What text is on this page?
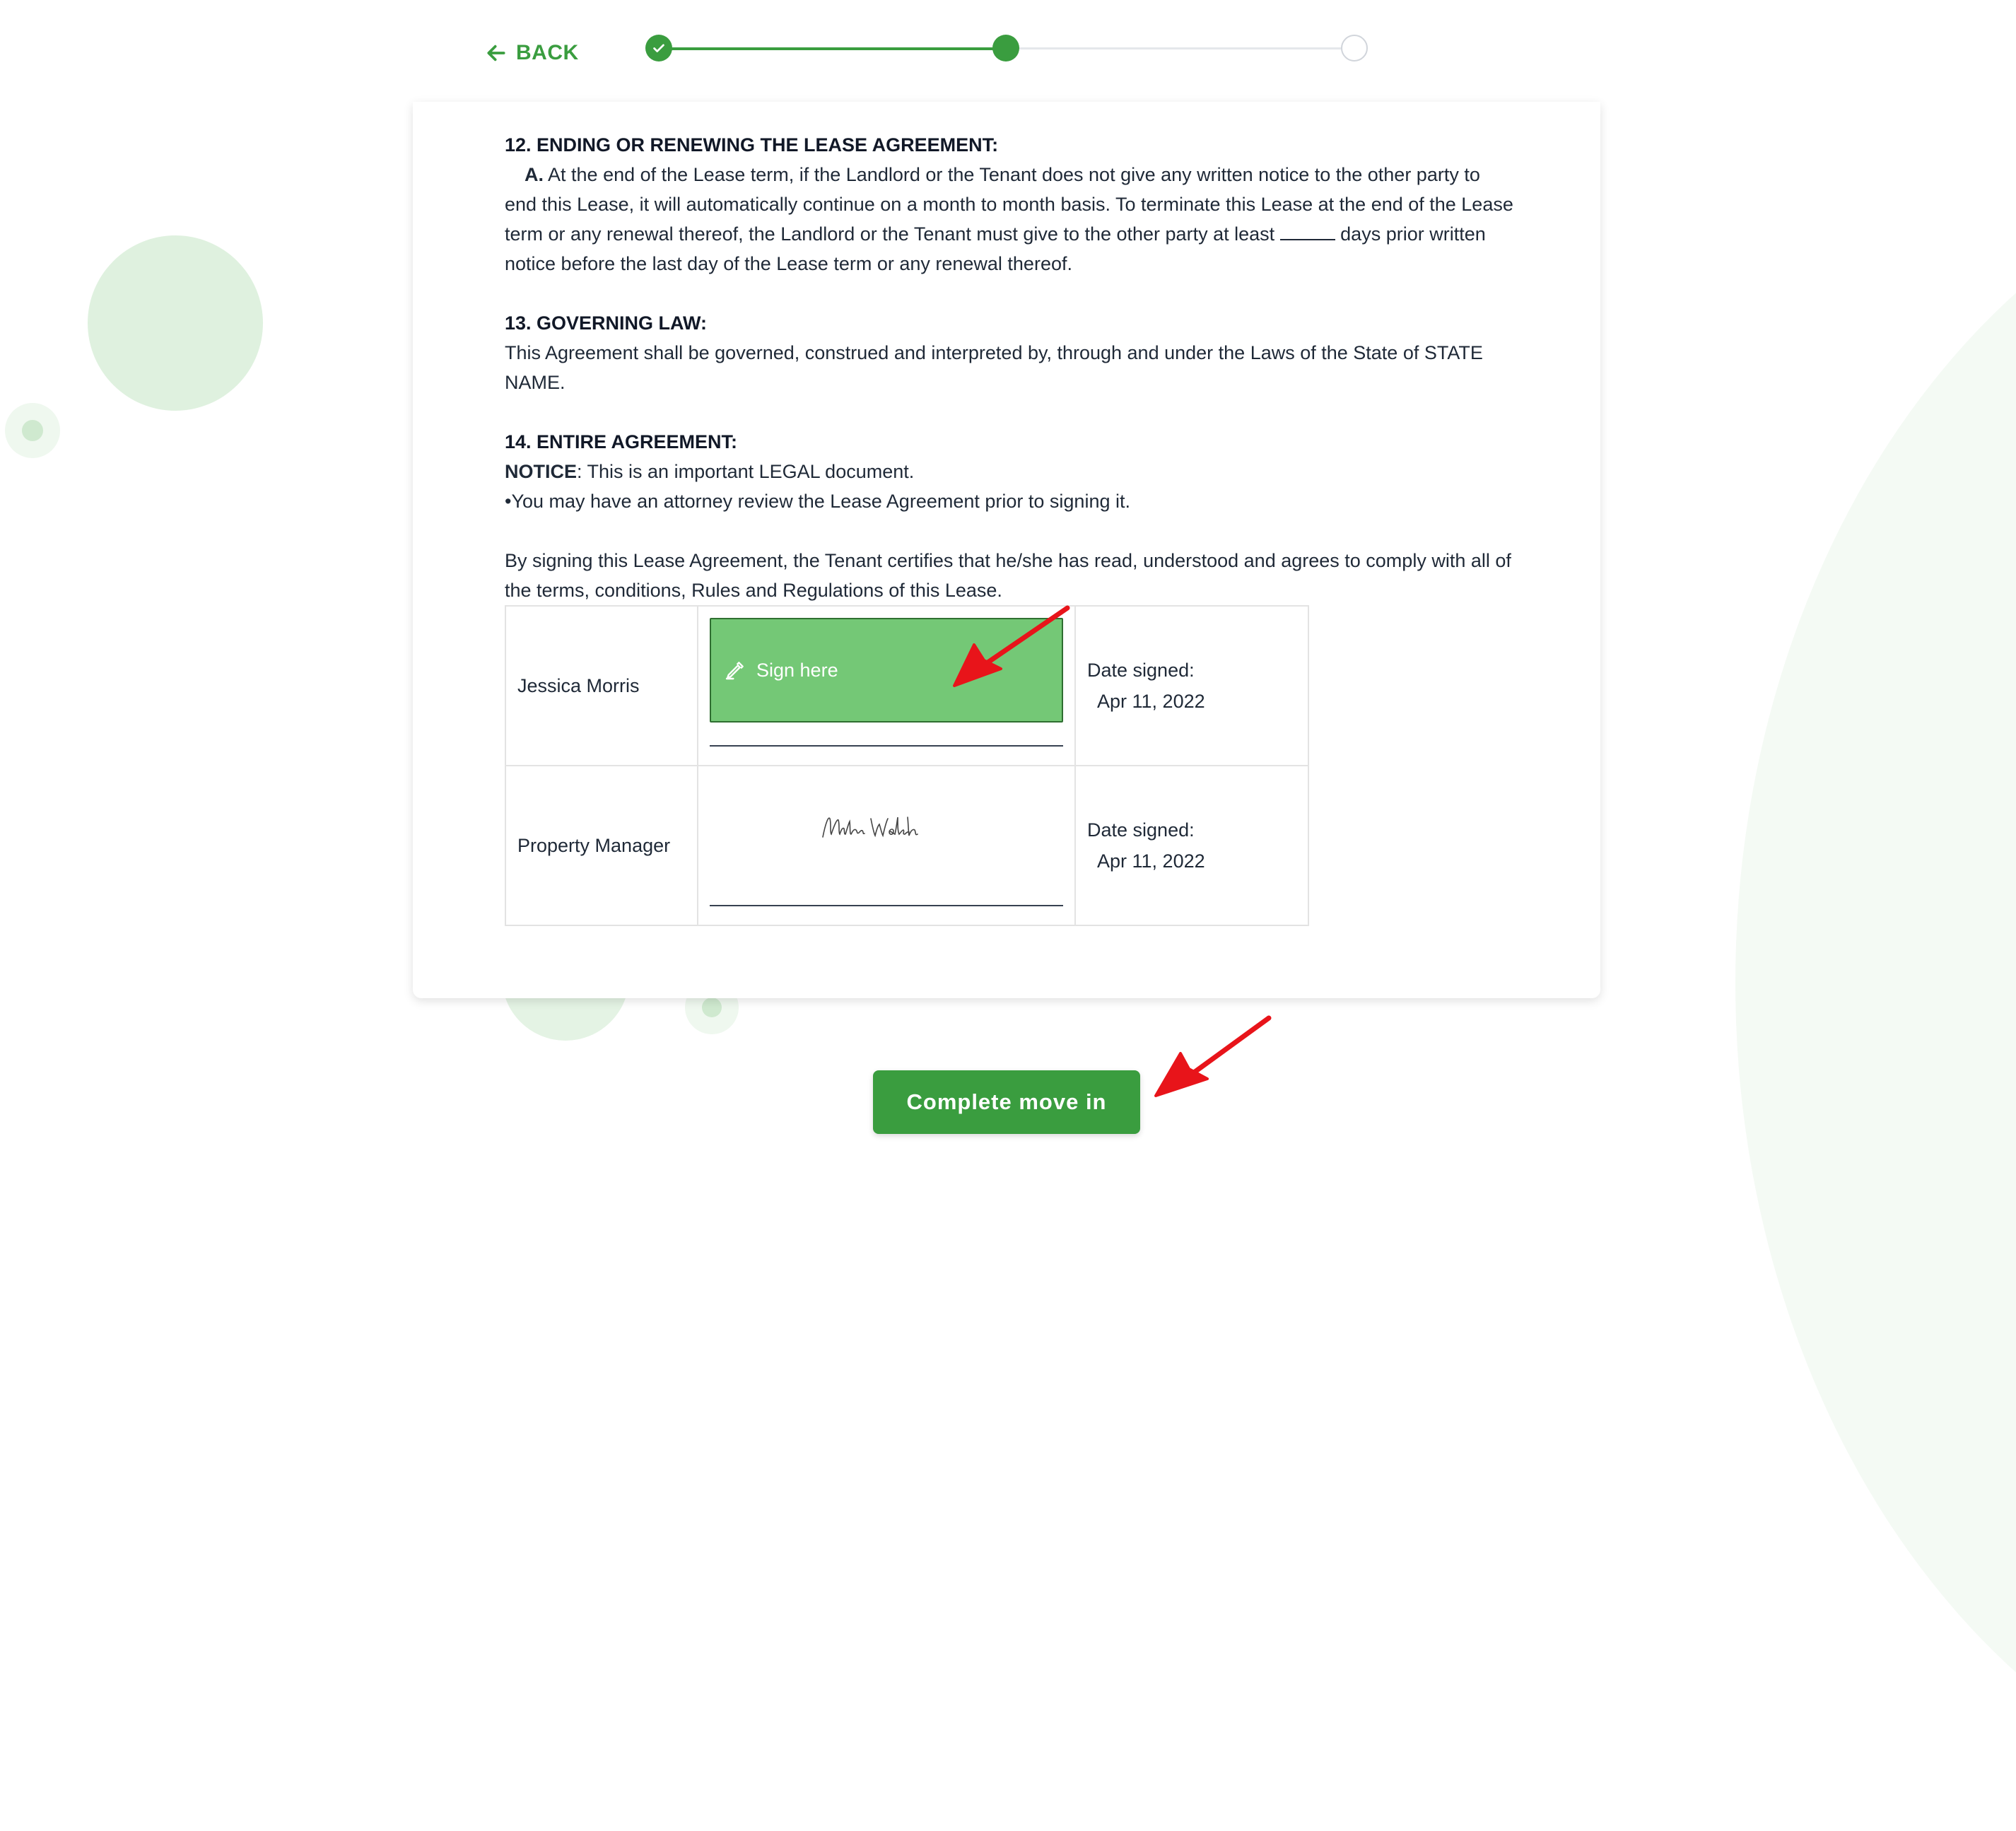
BACK
12. ENDING OR RENEWING THE LEASE AGREEMENT:

A. At the end of the Lease term, if the Landlord or the Tenant does not give any written notice to the other party to end this Lease, it will automatically continue on a month to month basis. To terminate this Lease at the end of the Lease term or any renewal thereof, the Landlord or the Tenant must give to the other party at least	days prior written notice before the last day of the Lease term or any renewal thereof.

13. GOVERNING LAW:

This Agreement shall be governed, construed and interpreted by, through and under the Laws of the State of STATE NAME.

14. ENTIRE AGREEMENT:

NOTICE: This is an important LEGAL document.

•You may have an attorney review the Lease Agreement prior to signing it.

By signing this Lease Agreement, the Tenant certifies that he/she has read, understood and agrees to comply with all of the terms, conditions, Rules and Regulations of this Lease.

Jessica Morris	Sign here	Date signed:
Apr 11, 2022

Property Manager		Date signed:
Apr 11, 2022
Complete move in
